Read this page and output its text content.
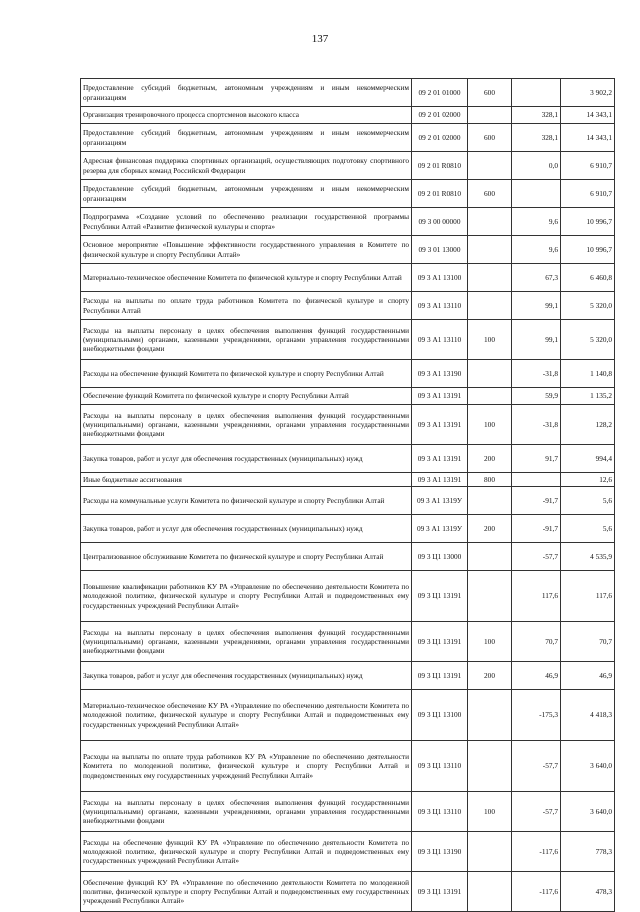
137
Предоставление субсидий бюджетным, автономным учреждениям и иным некоммерческим организациям	09 2 01 01000	600		3 902,2
Организация тренировочного процесса спортсменов высокого класса	09 2 01 02000		328,1	14 343,1
Предоставление субсидий бюджетным, автономным учреждениям и иным некоммерческим организациям	09 2 01 02000	600	328,1	14 343,1
Адресная финансовая поддержка спортивных организаций, осуществляющих подготовку спортивного резерва для сборных команд Российской Федерации	09 2 01 R0810		0,0	6 910,7
Предоставление субсидий бюджетным, автономным учреждениям и иным некоммерческим организациям	09 2 01 R0810	600		6 910,7
Подпрограмма «Создание условий по обеспечению реализации государственной программы Республики Алтай «Развитие физической культуры и спорта»	09 3 00 00000		9,6	10 996,7
Основное мероприятие «Повышение эффективности государственного управления в Комитете по физической культуре и спорту Республики Алтай»	09 3 01 13000		9,6	10 996,7
Материально-техническое обеспечение Комитета по физической культуре и спорту Республики Алтай	09 3 А1 13100		67,3	6 460,8
Расходы на выплаты по оплате труда работников Комитета по физической культуре и спорту Республики Алтай	09 3 А1 13110		99,1	5 320,0
Расходы на выплаты персоналу в целях обеспечения выполнения функций государственными (муниципальными) органами, казенными учреждениями, органами управления государственными внебюджетными фондами	09 3 А1 13110	100	99,1	5 320,0
Расходы на обеспечение функций Комитета по физической культуре и спорту Республики Алтай	09 3 А1 13190		-31,8	1 140,8
Обеспечение функций Комитета по физической культуре и спорту Республики Алтай	09 3 А1 13191		59,9	1 135,2
Расходы на выплаты персоналу в целях обеспечения выполнения функций государственными (муниципальными) органами, казенными учреждениями, органами управления государственными внебюджетными фондами	09 3 А1 13191	100	-31,8	128,2
Закупка товаров, работ и услуг для обеспечения государственных (муниципальных) нужд	09 3 А1 13191	200	91,7	994,4
Иные бюджетные ассигнования	09 3 А1 13191	800		12,6
Расходы на коммунальные услуги Комитета по физической культуре и спорту Республики Алтай	09 3 А1 1319У		-91,7	5,6
Закупка товаров, работ и услуг для обеспечения государственных (муниципальных) нужд	09 3 А1 1319У	200	-91,7	5,6
Централизованное обслуживание Комитета по физической культуре и спорту Республики Алтай	09 3 Ц1 13000		-57,7	4 535,9
Повышение квалификации работников КУ РА «Управление по обеспечению деятельности Комитета по молодежной политике, физической культуре и спорту Республики Алтай и подведомственных ему государственных учреждений Республики Алтай»	09 3 Ц1 13191		117,6	117,6
Расходы на выплаты персоналу в целях обеспечения выполнения функций государственными (муниципальными) органами, казенными учреждениями, органами управления государственными внебюджетными фондами	09 3 Ц1 13191	100	70,7	70,7
Закупка товаров, работ и услуг для обеспечения государственных (муниципальных) нужд	09 3 Ц1 13191	200	46,9	46,9
Материально-техническое обеспечение КУ РА «Управление по обеспечению деятельности Комитета по молодежной политике, физической культуре и спорту Республики Алтай и подведомственных ему государственных учреждений Республики Алтай»	09 3 Ц1 13100		-175,3	4 418,3
Расходы на выплаты по оплате труда работников КУ РА «Управление по обеспечению деятельности Комитета по молодежной политике, физической культуре и спорту Республики Алтай и подведомственных ему государственных учреждений Республики Алтай»	09 3 Ц1 13110		-57,7	3 640,0
Расходы на выплаты персоналу в целях обеспечения выполнения функций государственными (муниципальными) органами, казенными учреждениями, органами управления государственными внебюджетными фондами	09 3 Ц1 13110	100	-57,7	3 640,0
Расходы на обеспечение функций КУ РА «Управление по обеспечению деятельности Комитета по молодежной политике, физической культуре и спорту Республики Алтай и подведомственных ему государственных учреждений Республики Алтай»	09 3 Ц1 13190		-117,6	778,3
Обеспечение функций КУ РА «Управление по обеспечению деятельности Комитета по молодежной политике, физической культуре и спорту Республики Алтай и подведомственных ему государственных учреждений Республики Алтай»	09 3 Ц1 13191		-117,6	478,3
